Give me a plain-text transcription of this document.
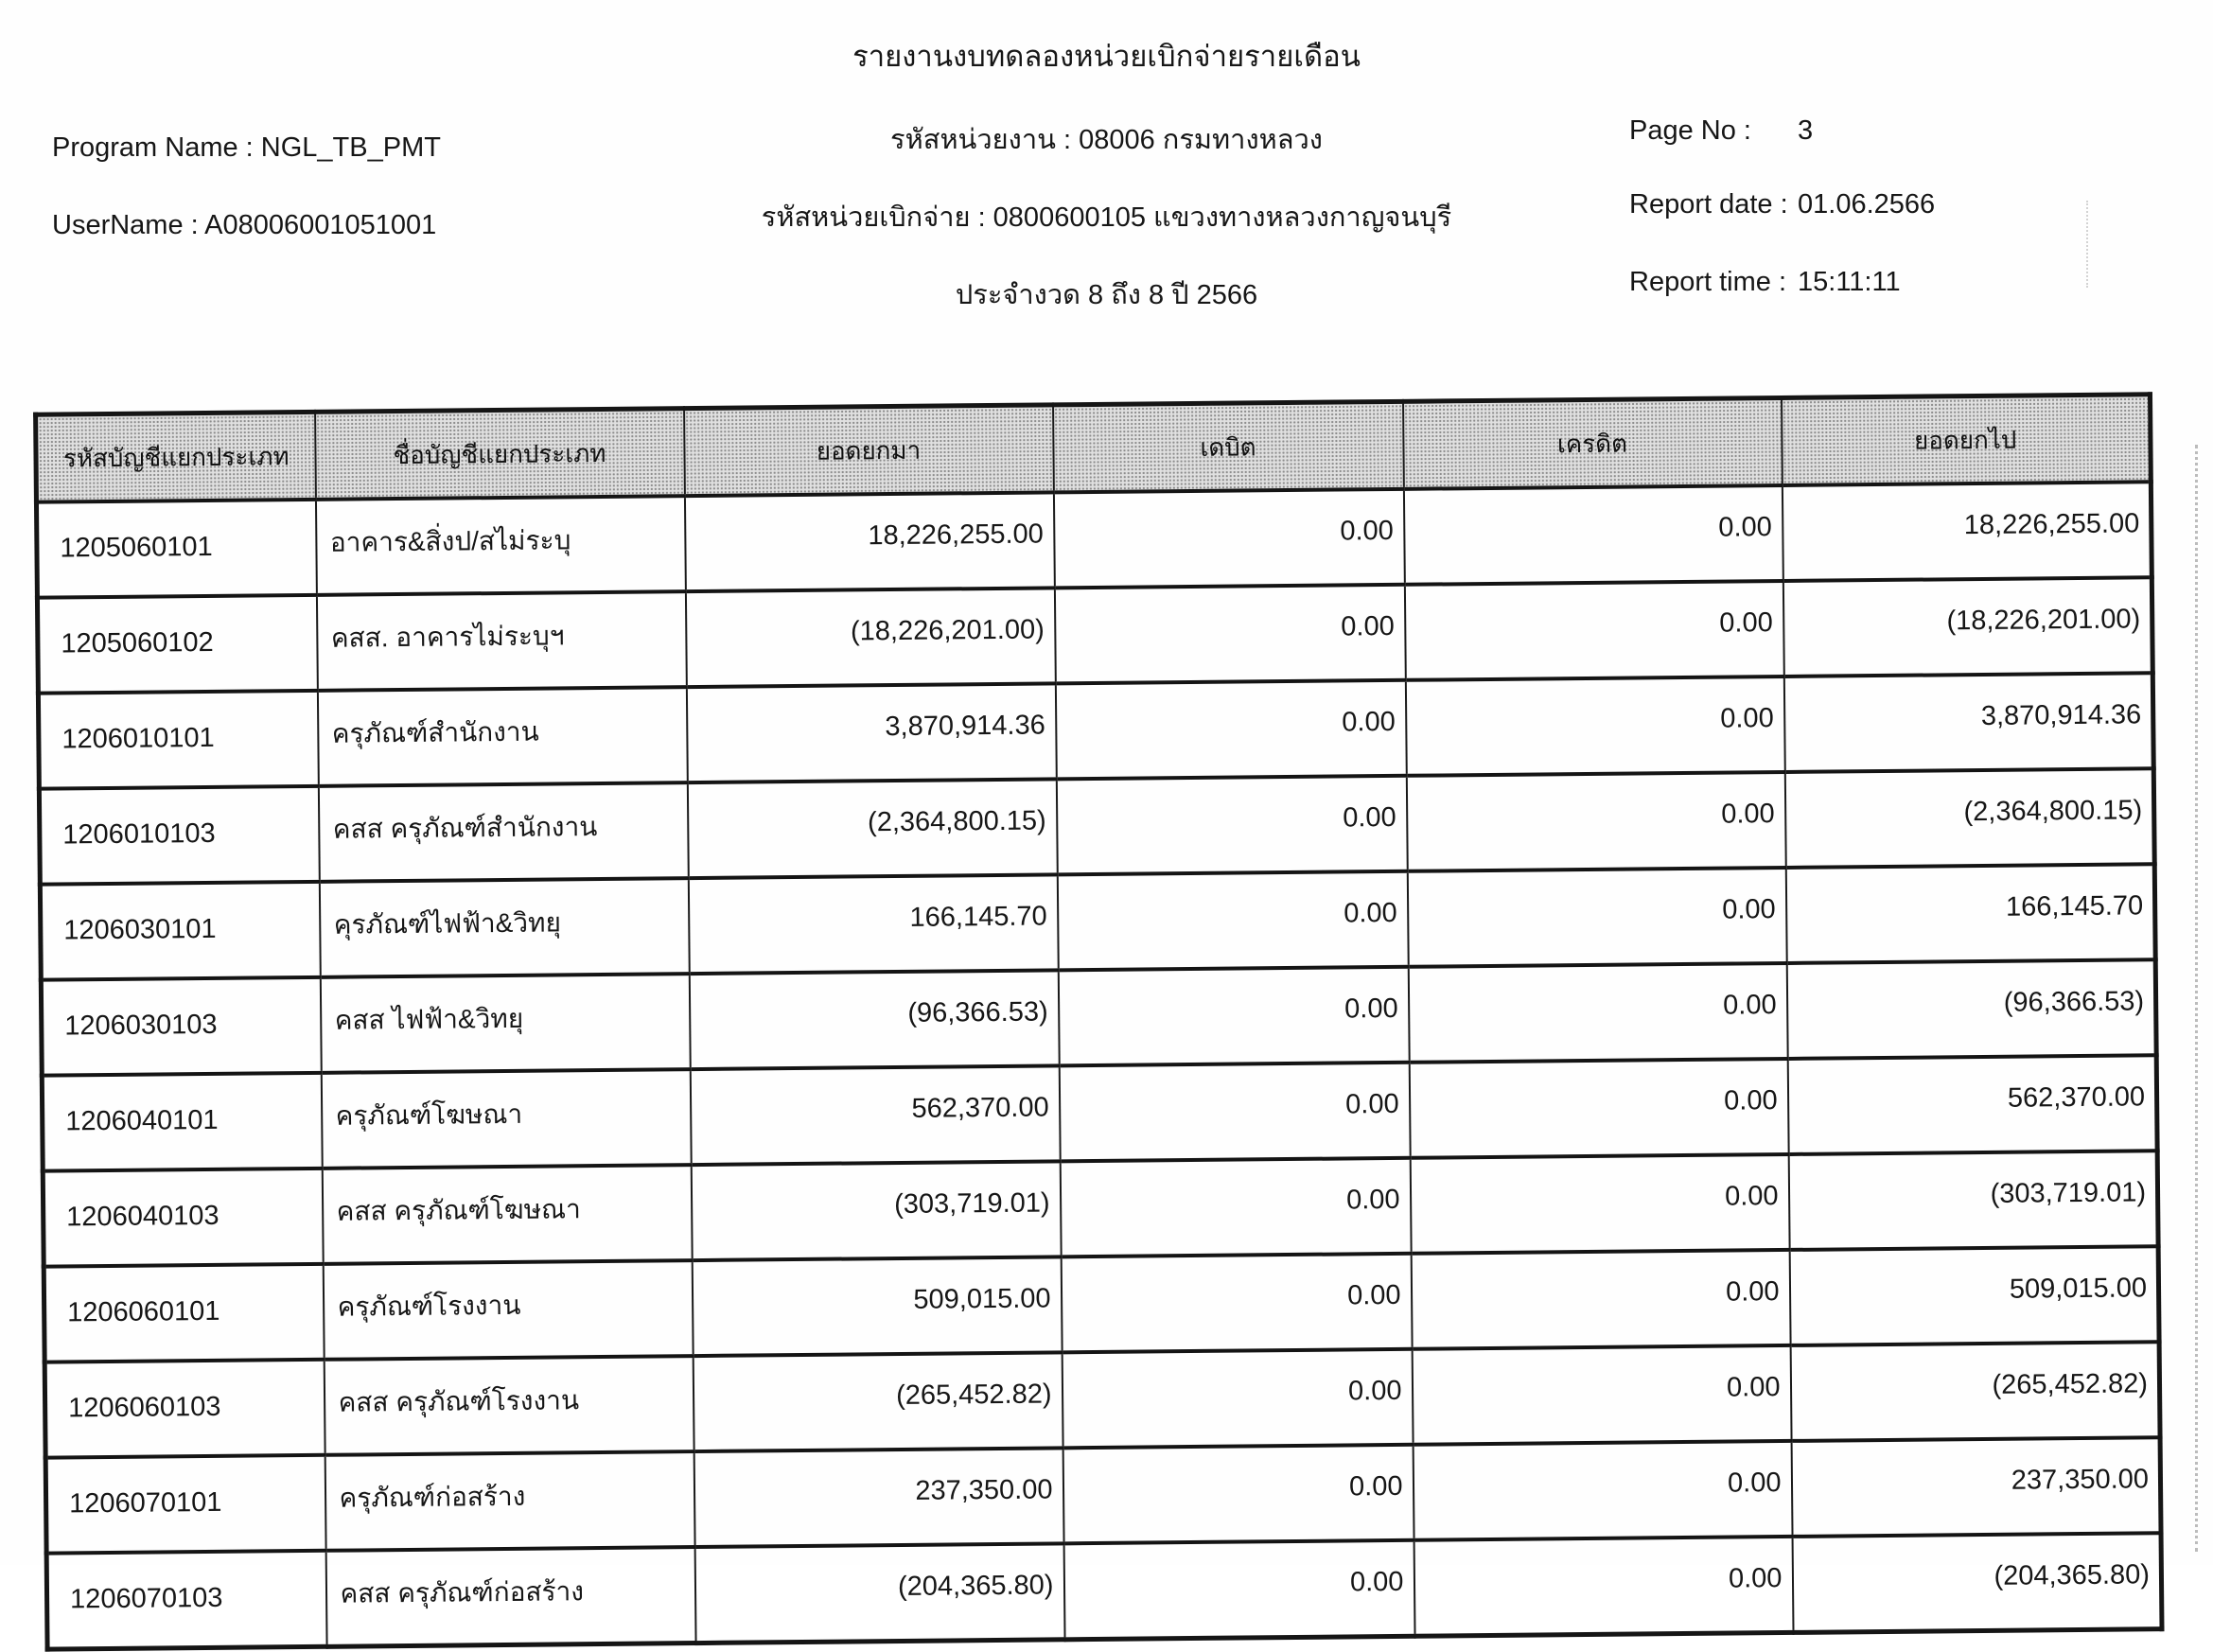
รายงานงบทดลองหน่วยเบิกจ่ายรายเดือน
รหัสหน่วยงาน : 08006 กรมทางหลวง
รหัสหน่วยเบิกจ่าย : 0800600105 แขวงทางหลวงกาญจนบุรี
ประจำงวด 8 ถึง 8 ปี 2566
Program Name : NGL_TB_PMT
UserName : A08006001051001
Page No : 3
Report date : 01.06.2566
Report time : 15:11:11
รหัสบัญชีแยกประเภท	ชื่อบัญชีแยกประเภท	ยอดยกมา	เดบิต	เครดิต	ยอดยกไป
1205060101	อาคาร&สิ่งป/สไม่ระบุ	18,226,255.00	0.00	0.00	18,226,255.00
1205060102	คสส. อาคารไม่ระบุฯ	(18,226,201.00)	0.00	0.00	(18,226,201.00)
1206010101	ครุภัณฑ์สำนักงาน	3,870,914.36	0.00	0.00	3,870,914.36
1206010103	คสส ครุภัณฑ์สำนักงาน	(2,364,800.15)	0.00	0.00	(2,364,800.15)
1206030101	คุรภัณฑ์ไฟฟ้า&วิทยุ	166,145.70	0.00	0.00	166,145.70
1206030103	คสส ไฟฟ้า&วิทยุ	(96,366.53)	0.00	0.00	(96,366.53)
1206040101	ครุภัณฑ์โฆษณา	562,370.00	0.00	0.00	562,370.00
1206040103	คสส ครุภัณฑ์โฆษณา	(303,719.01)	0.00	0.00	(303,719.01)
1206060101	ครุภัณฑ์โรงงาน	509,015.00	0.00	0.00	509,015.00
1206060103	คสส ครุภัณฑ์โรงงาน	(265,452.82)	0.00	0.00	(265,452.82)
1206070101	ครุภัณฑ์ก่อสร้าง	237,350.00	0.00	0.00	237,350.00
1206070103	คสส ครุภัณฑ์ก่อสร้าง	(204,365.80)	0.00	0.00	(204,365.80)
